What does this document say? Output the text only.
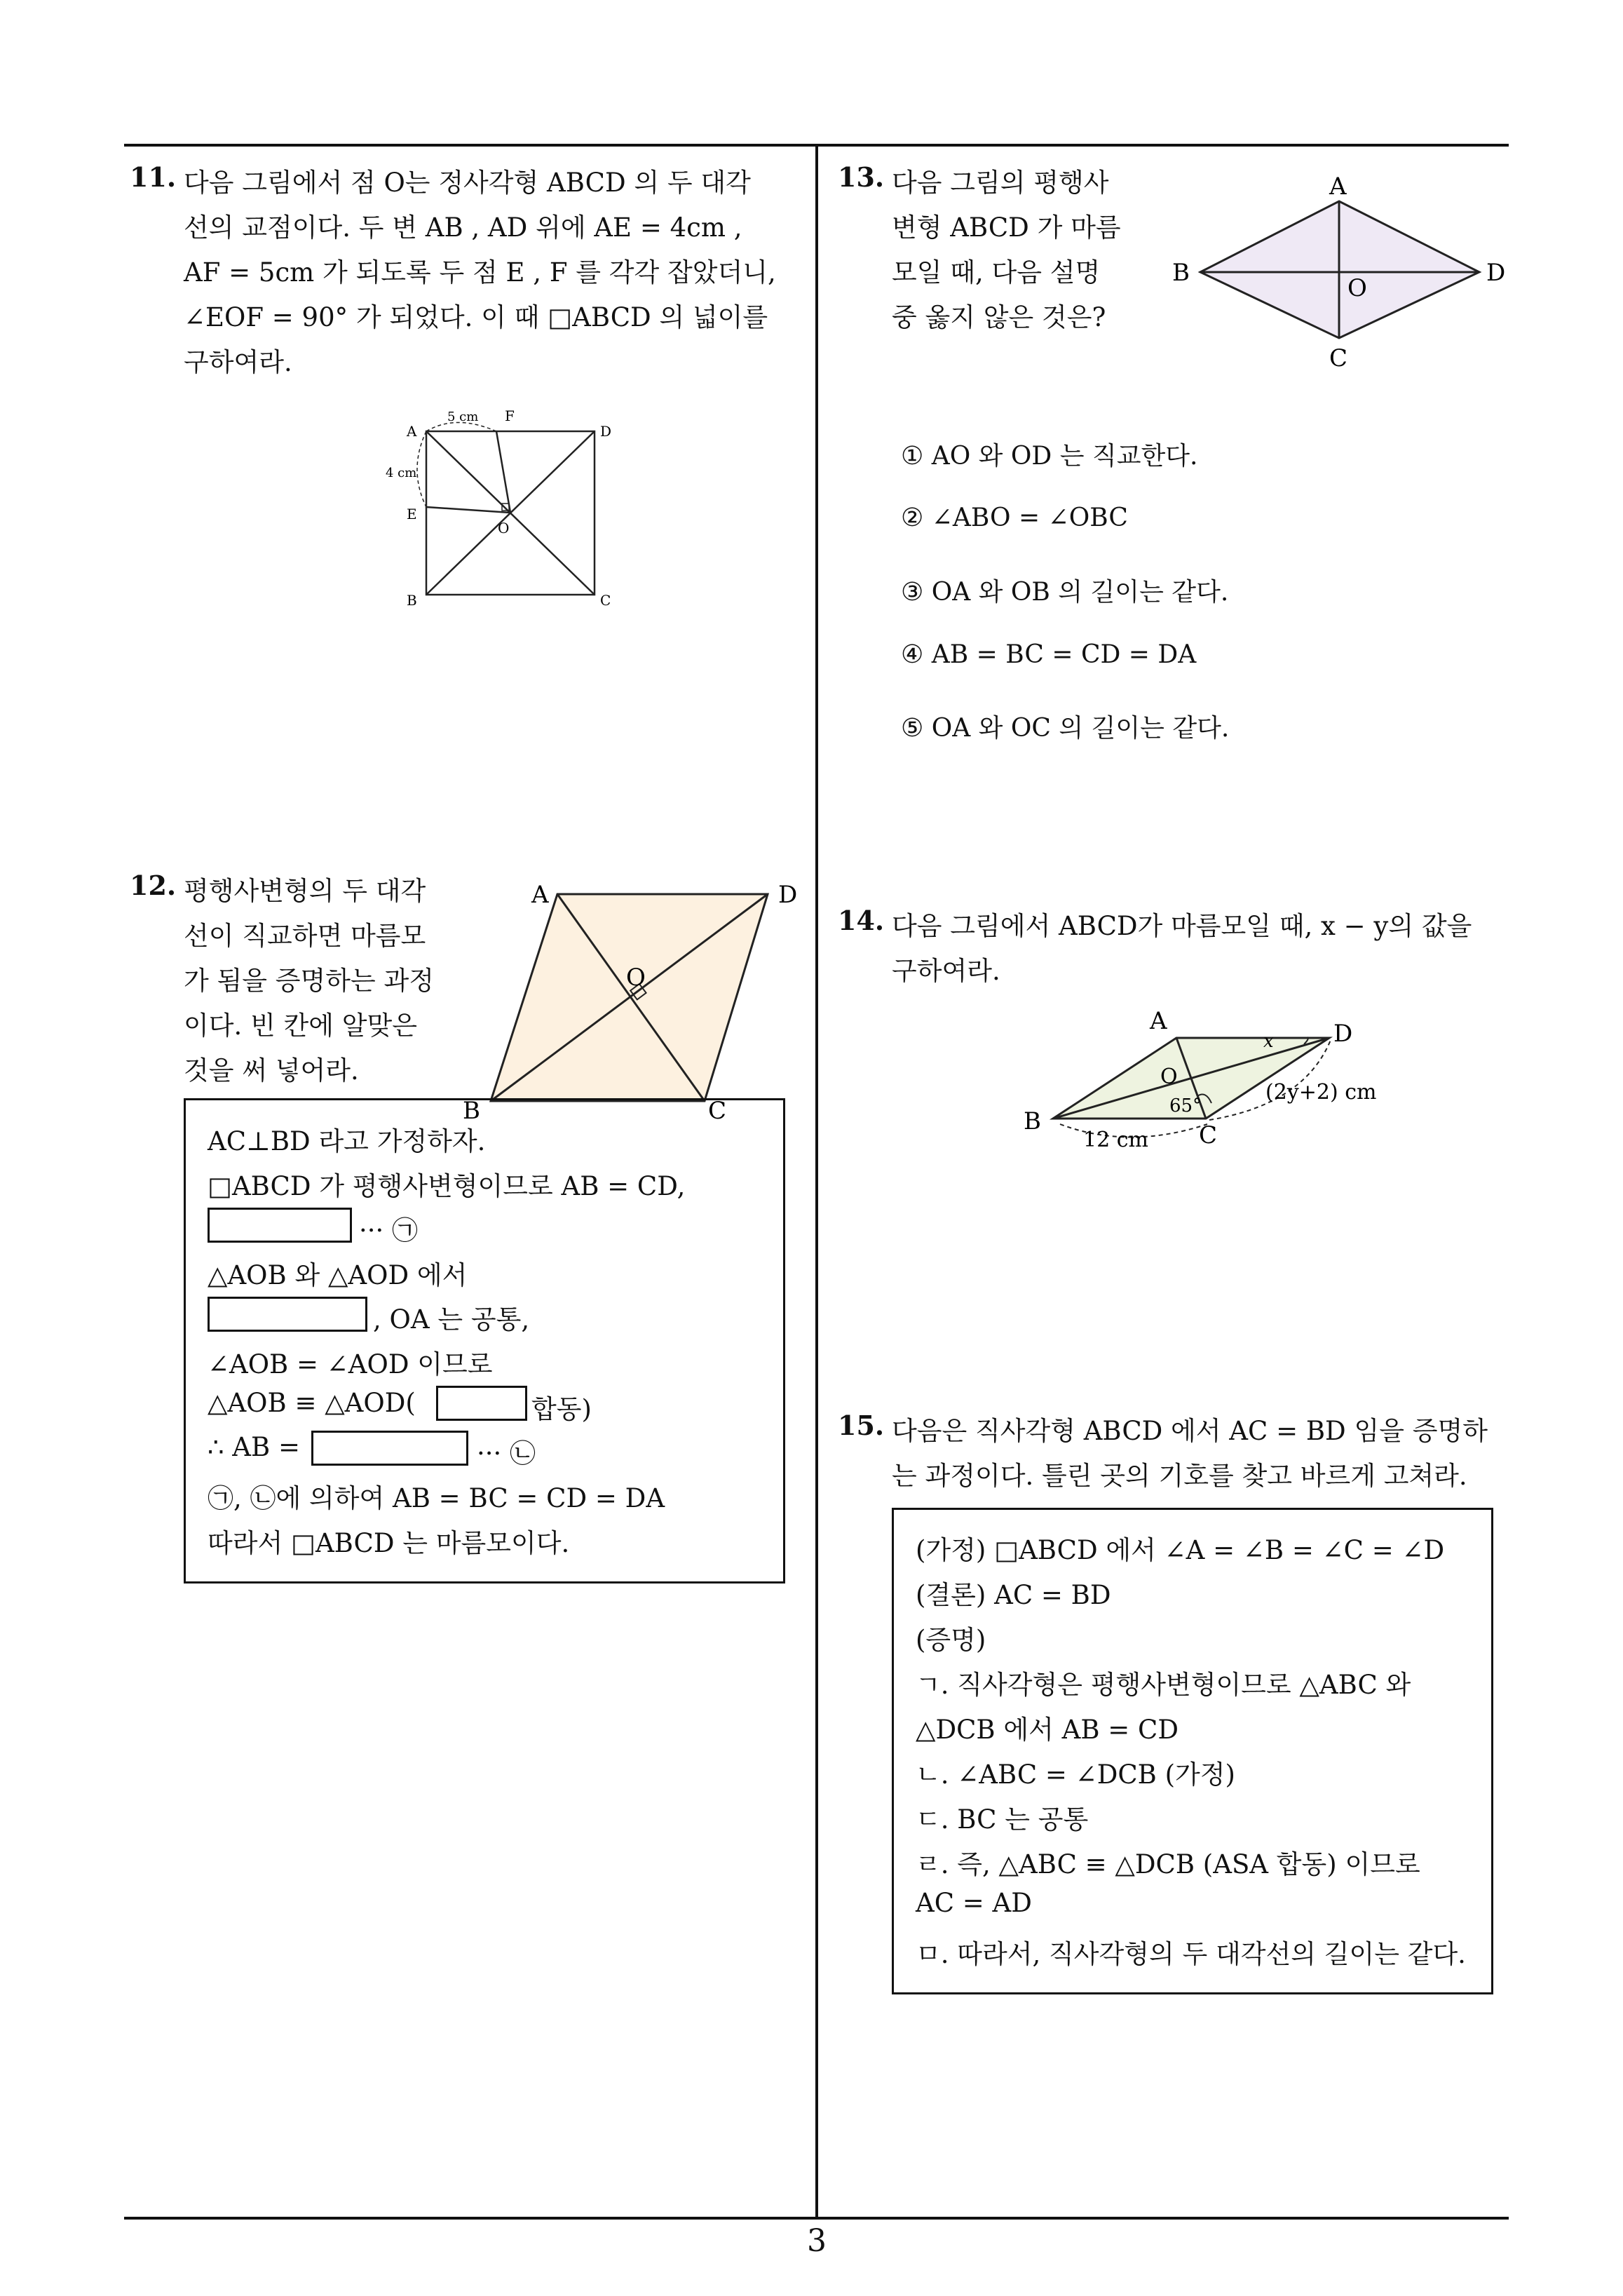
11. 다음 그림에서 점 O는 정사각형 ABCD 의 두 대각
선의 교점이다. 두 변 AB , AD 위에 AE = 4cm ,
AF = 5cm 가 되도록 두 점 E , F 를 각각 잡았더니,
∠EOF = 90° 가 되었다. 이 때 □ABCD 의 넓이를
구하여라.
A
B	C
D
E
F
O
5 cm
4 cm
12. 평행사변형의 두 대각
선이 직교하면 마름모
가 됨을 증명하는 과정
이다. 빈 칸에 알맞은
것을 써 넣어라.
A	D
B	C
O
AC⊥BD 라고 가정하자.
□ABCD 가 평행사변형이므로 AB = CD,
··· ㉠
△AOB 와 △AOD 에서
, OA 는 공통,
∠AOB = ∠AOD 이므로
△AOB ≡ △AOD(	합동)
∴ AB =	··· ㉡
㉠, ㉡에 의하여 AB = BC = CD = DA
따라서 □ABCD 는 마름모이다.
13. 다음 그림의 평행사
변형 ABCD 가 마름
모일 때, 다음 설명
중 옳지 않은 것은?
A
B
C
D
O
① AO 와 OD 는 직교한다.
② ∠ABO = ∠OBC
③ OA 와 OB 의 길이는 같다.
④ AB = BC = CD = DA
⑤ OA 와 OC 의 길이는 같다.
14. 다음 그림에서 ABCD가 마름모일 때, x − y의 값을
구하여라.
A	D
B	C
O
x
65°
12 cm
(2y+2) cm
15. 다음은 직사각형 ABCD 에서 AC = BD 임을 증명하
는 과정이다. 틀린 곳의 기호를 찾고 바르게 고쳐라.
(가정) □ABCD 에서 ∠A = ∠B = ∠C = ∠D
(결론) AC = BD
(증명)
ㄱ. 직사각형은 평행사변형이므로 △ABC 와
△DCB 에서 AB = CD
ㄴ. ∠ABC = ∠DCB (가정)
ㄷ. BC 는 공통
ㄹ. 즉, △ABC ≡ △DCB (ASA 합동) 이므로
AC = AD
ㅁ. 따라서, 직사각형의 두 대각선의 길이는 같다.
3
